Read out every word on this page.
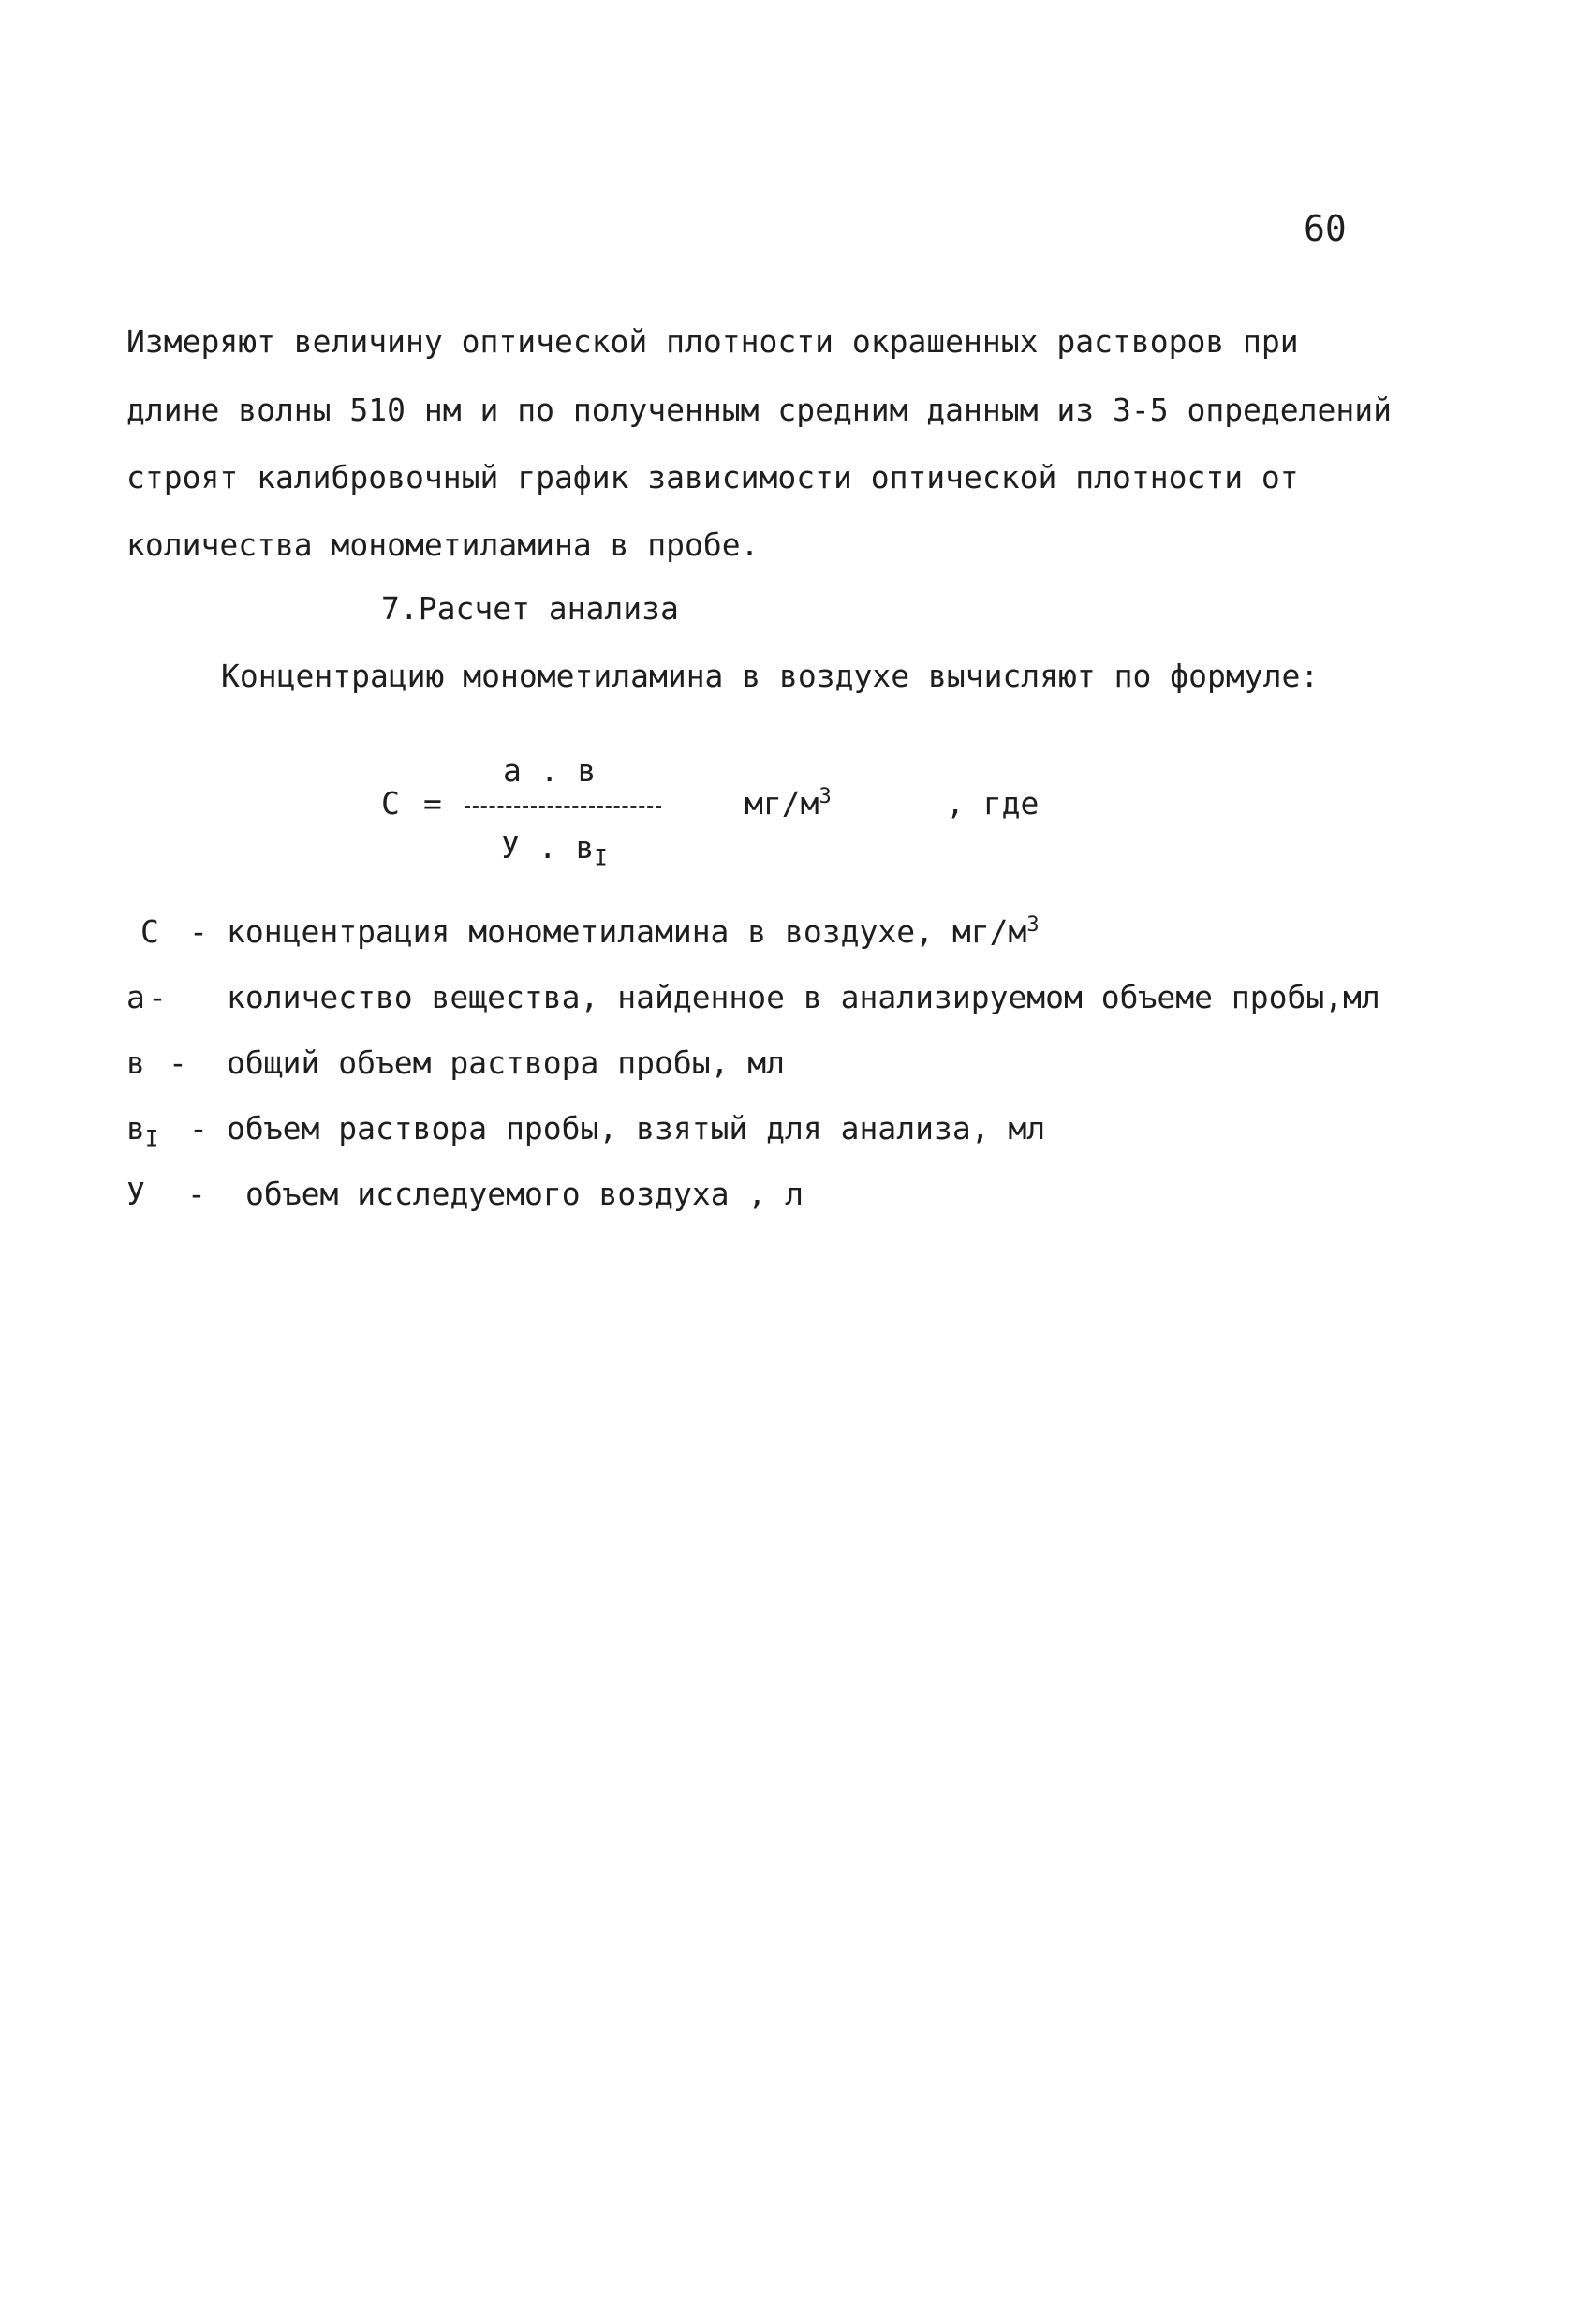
60
Измеряют величину оптической плотности окрашенных растворов при
длине волны 510 нм и по полученным средним данным из 3-5 определений
строят калибровочный график зависимости оптической плотности от
количества монометиламина в пробе.
7.Расчет анализа
Концентрацию монометиламина в воздухе вычисляют по формуле:
С =
а . в
У . $в_I$
$мг/м^3$	, где
С - концентрация монометиламина в воздухе, $мг/м^3$
а - количество вещества, найденное в анализируемом объеме пробы,мл
в - общий объем раствора пробы, мл
$в_I$ - объем раствора пробы, взятый для анализа, мл
У - объем исследуемого воздуха , л
